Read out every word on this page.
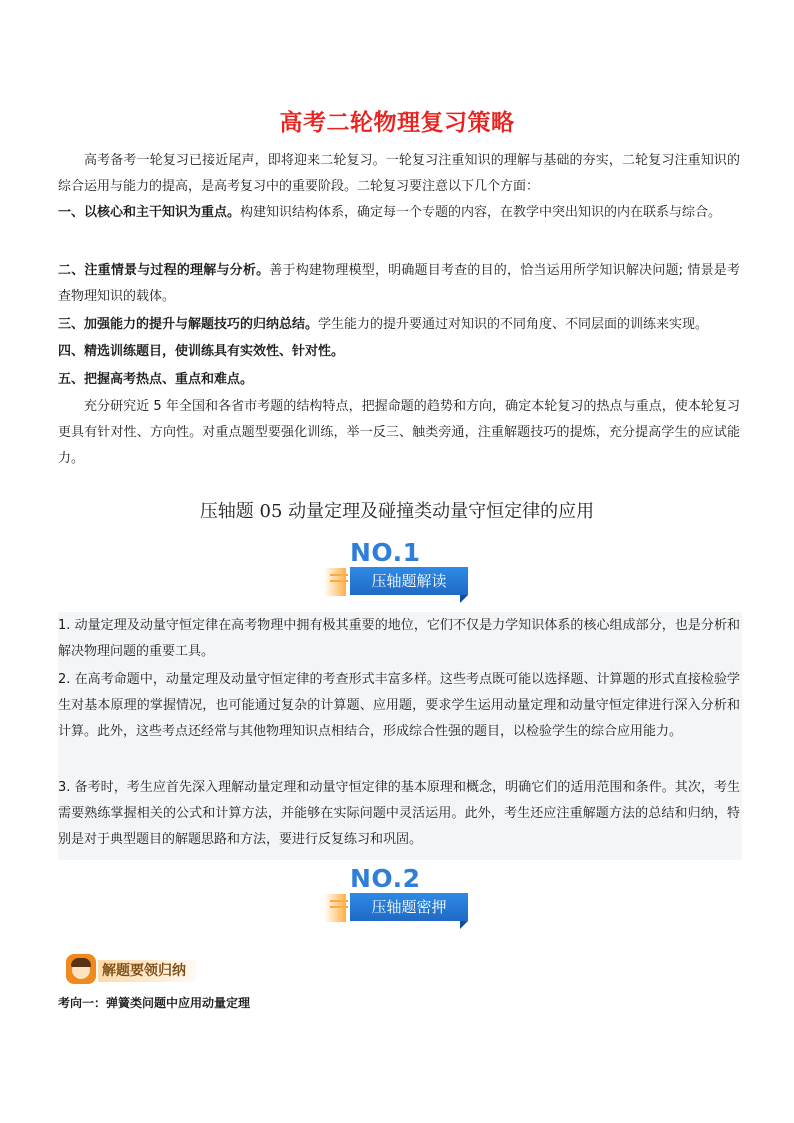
高考二轮物理复习策略
高考备考一轮复习已接近尾声，即将迎来二轮复习。一轮复习注重知识的理解与基础的夯实，二轮复习注重知识的综合运用与能力的提高，是高考复习中的重要阶段。二轮复习要注意以下几个方面：
一、以核心和主干知识为重点。构建知识结构体系，确定每一个专题的内容，在教学中突出知识的内在联系与综合。
二、注重情景与过程的理解与分析。善于构建物理模型，明确题目考查的目的，恰当运用所学知识解决问题; 情景是考查物理知识的载体。
三、加强能力的提升与解题技巧的归纳总结。学生能力的提升要通过对知识的不同角度、不同层面的训练来实现。
四、精选训练题目，使训练具有实效性、针对性。
五、把握高考热点、重点和难点。
充分研究近 5 年全国和各省市考题的结构特点，把握命题的趋势和方向，确定本轮复习的热点与重点，使本轮复习更具有针对性、方向性。对重点题型要强化训练，举一反三、触类旁通，注重解题技巧的提炼，充分提高学生的应试能力。
压轴题 05 动量定理及碰撞类动量守恒定律的应用
NO.1
压轴题解读
1. 动量定理及动量守恒定律在高考物理中拥有极其重要的地位，它们不仅是力学知识体系的核心组成部分，也是分析和解决物理问题的重要工具。
2. 在高考命题中，动量定理及动量守恒定律的考查形式丰富多样。这些考点既可能以选择题、计算题的形式直接检验学生对基本原理的掌握情况，也可能通过复杂的计算题、应用题，要求学生运用动量定理和动量守恒定律进行深入分析和计算。此外，这些考点还经常与其他物理知识点相结合，形成综合性强的题目，以检验学生的综合应用能力。
3. 备考时，考生应首先深入理解动量定理和动量守恒定律的基本原理和概念，明确它们的适用范围和条件。其次，考生需要熟练掌握相关的公式和计算方法，并能够在实际问题中灵活运用。此外，考生还应注重解题方法的总结和归纳，特别是对于典型题目的解题思路和方法，要进行反复练习和巩固。
NO.2
压轴题密押
解题要领归纳
考向一：弹簧类问题中应用动量定理
